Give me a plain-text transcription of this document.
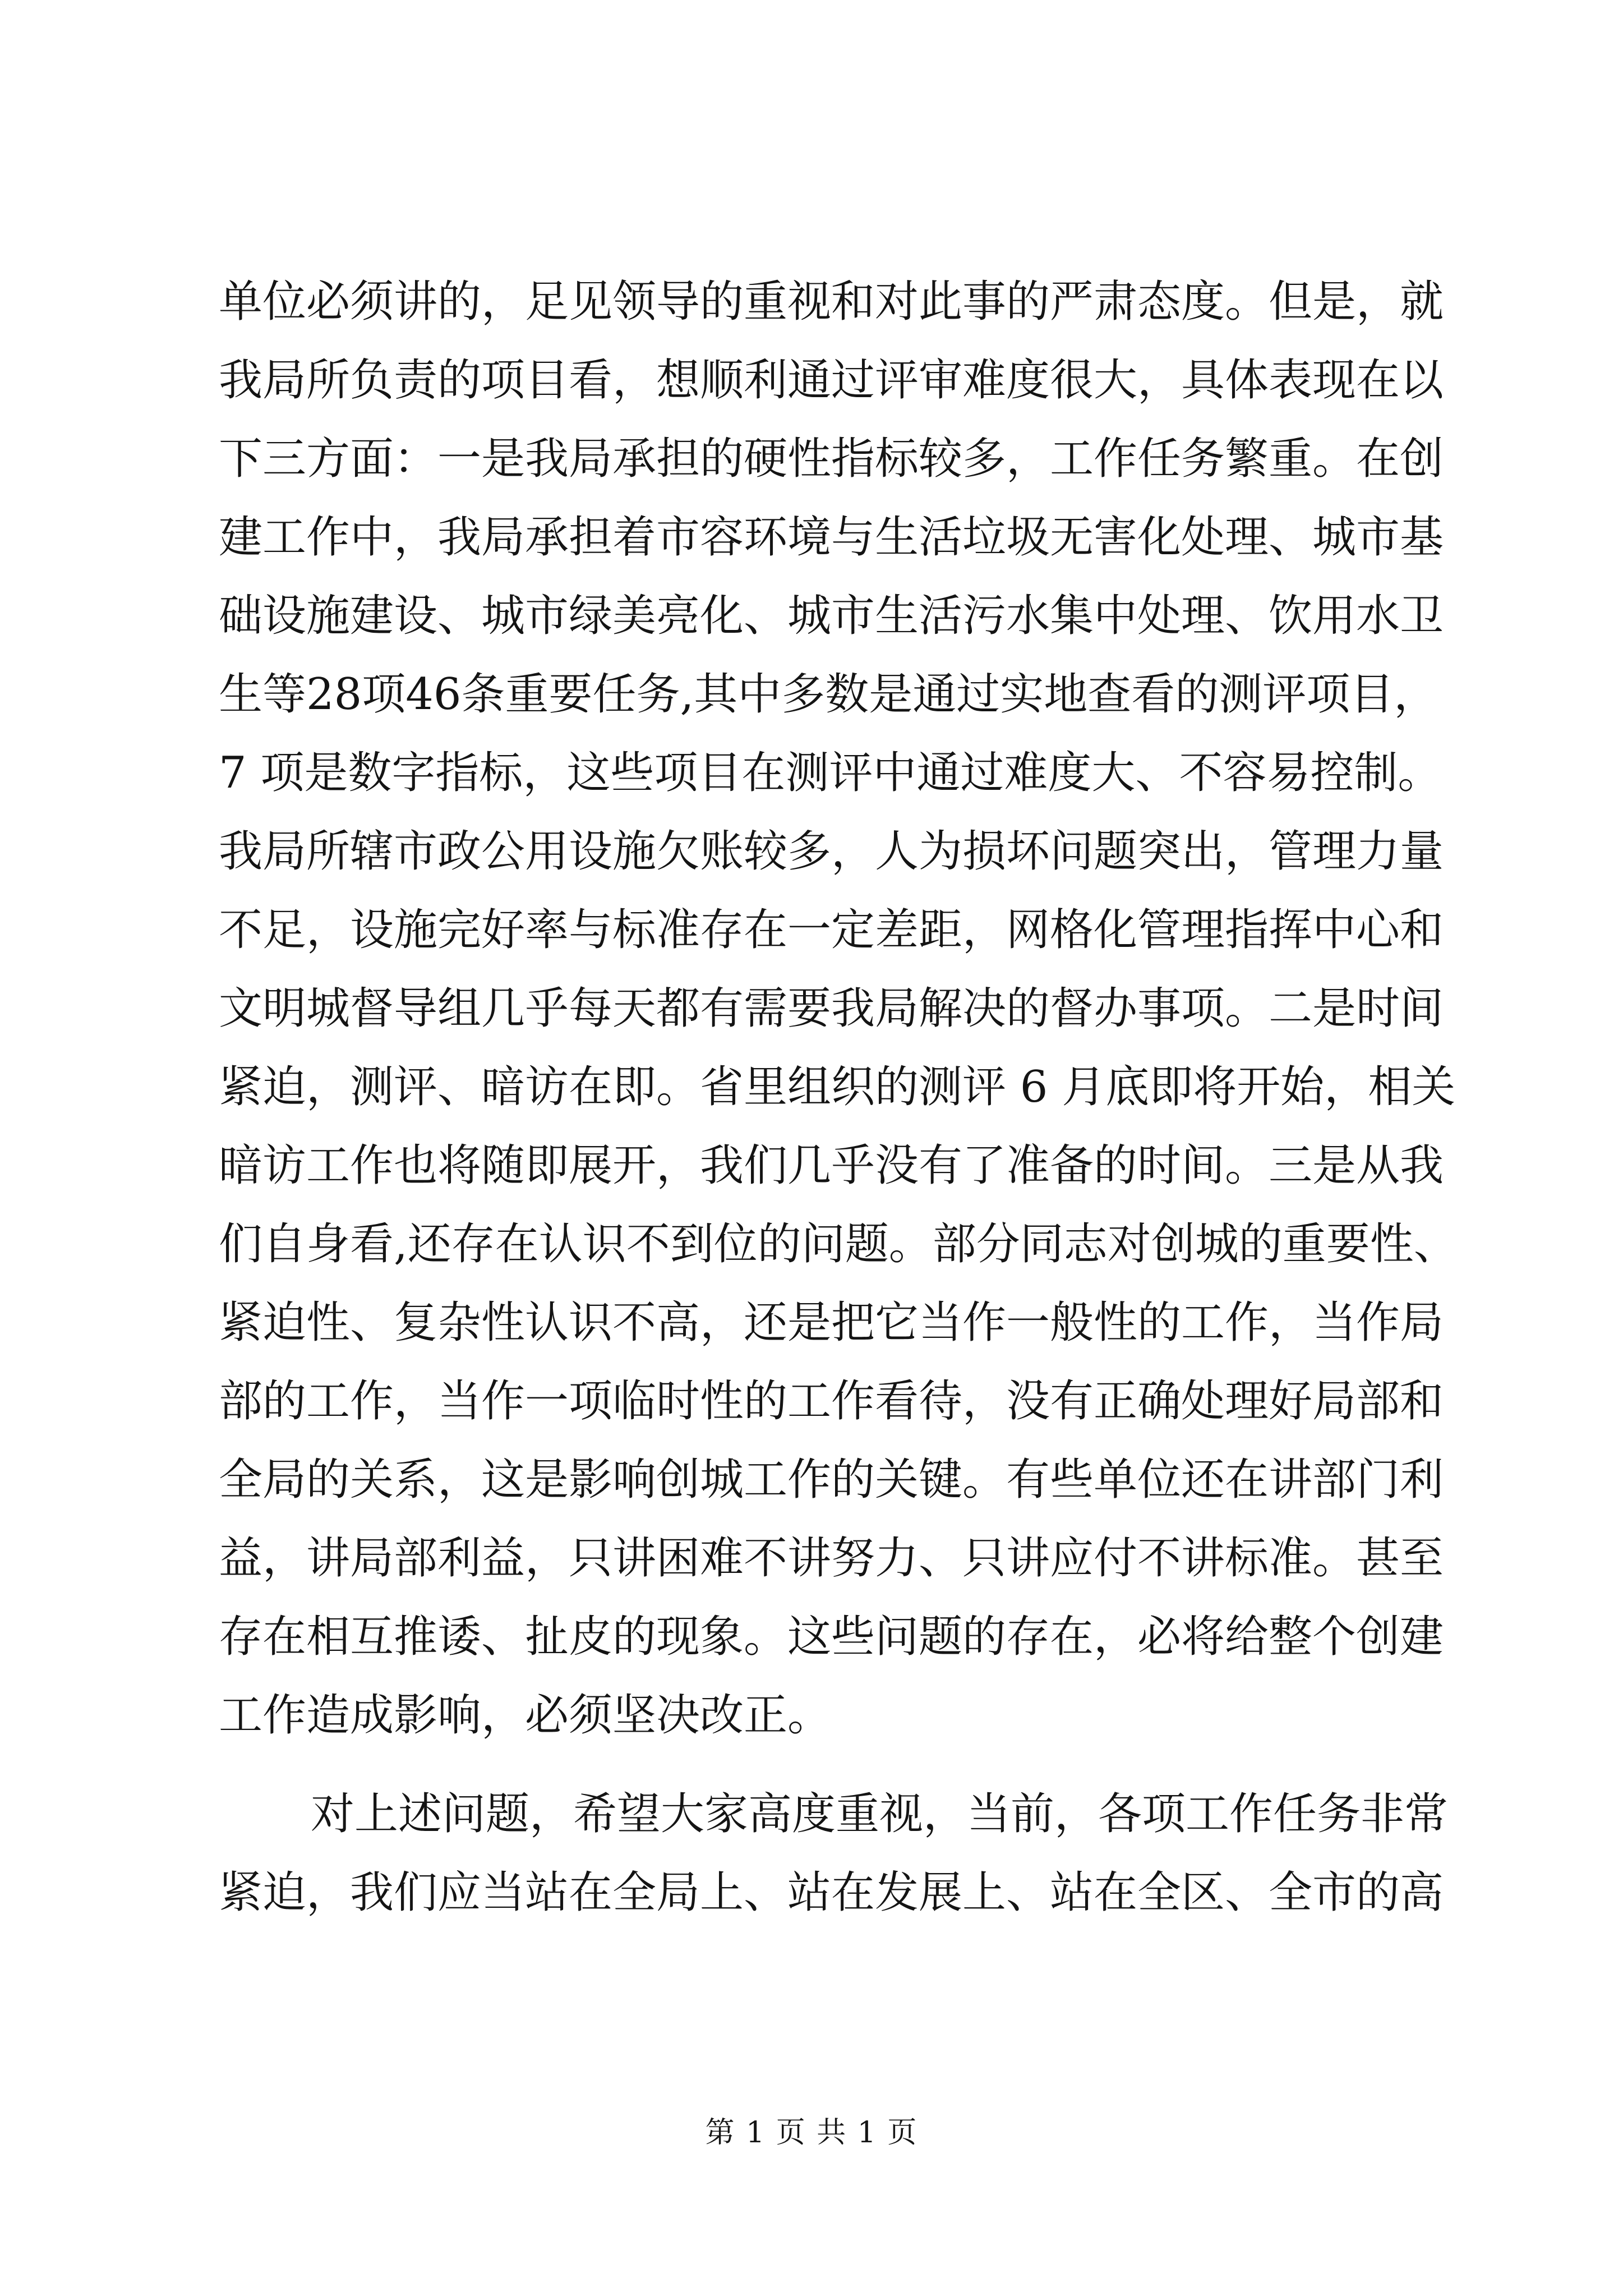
单位必须讲的，足见领导的重视和对此事的严肃态度。但是，就
我局所负责的项目看，想顺利通过评审难度很大，具体表现在以
下三方面：一是我局承担的硬性指标较多，工作任务繁重。在创
建工作中，我局承担着市容环境与生活垃圾无害化处理、城市基
础设施建设、城市绿美亮化、城市生活污水集中处理、饮用水卫
生等28项46条重要任务,其中多数是通过实地查看的测评项目，
7 项是数字指标，这些项目在测评中通过难度大、不容易控制。
我局所辖市政公用设施欠账较多，人为损坏问题突出，管理力量
不足，设施完好率与标准存在一定差距，网格化管理指挥中心和
文明城督导组几乎每天都有需要我局解决的督办事项。二是时间
紧迫，测评、暗访在即。省里组织的测评 6 月底即将开始，相关
暗访工作也将随即展开，我们几乎没有了准备的时间。三是从我
们自身看,还存在认识不到位的问题。部分同志对创城的重要性、
紧迫性、复杂性认识不高，还是把它当作一般性的工作，当作局
部的工作，当作一项临时性的工作看待，没有正确处理好局部和
全局的关系，这是影响创城工作的关键。有些单位还在讲部门利
益，讲局部利益，只讲困难不讲努力、只讲应付不讲标准。甚至
存在相互推诿、扯皮的现象。这些问题的存在，必将给整个创建
工作造成影响，必须坚决改正。
对上述问题，希望大家高度重视，当前，各项工作任务非常
紧迫，我们应当站在全局上、站在发展上、站在全区、全市的高
第 1 页 共 1 页
